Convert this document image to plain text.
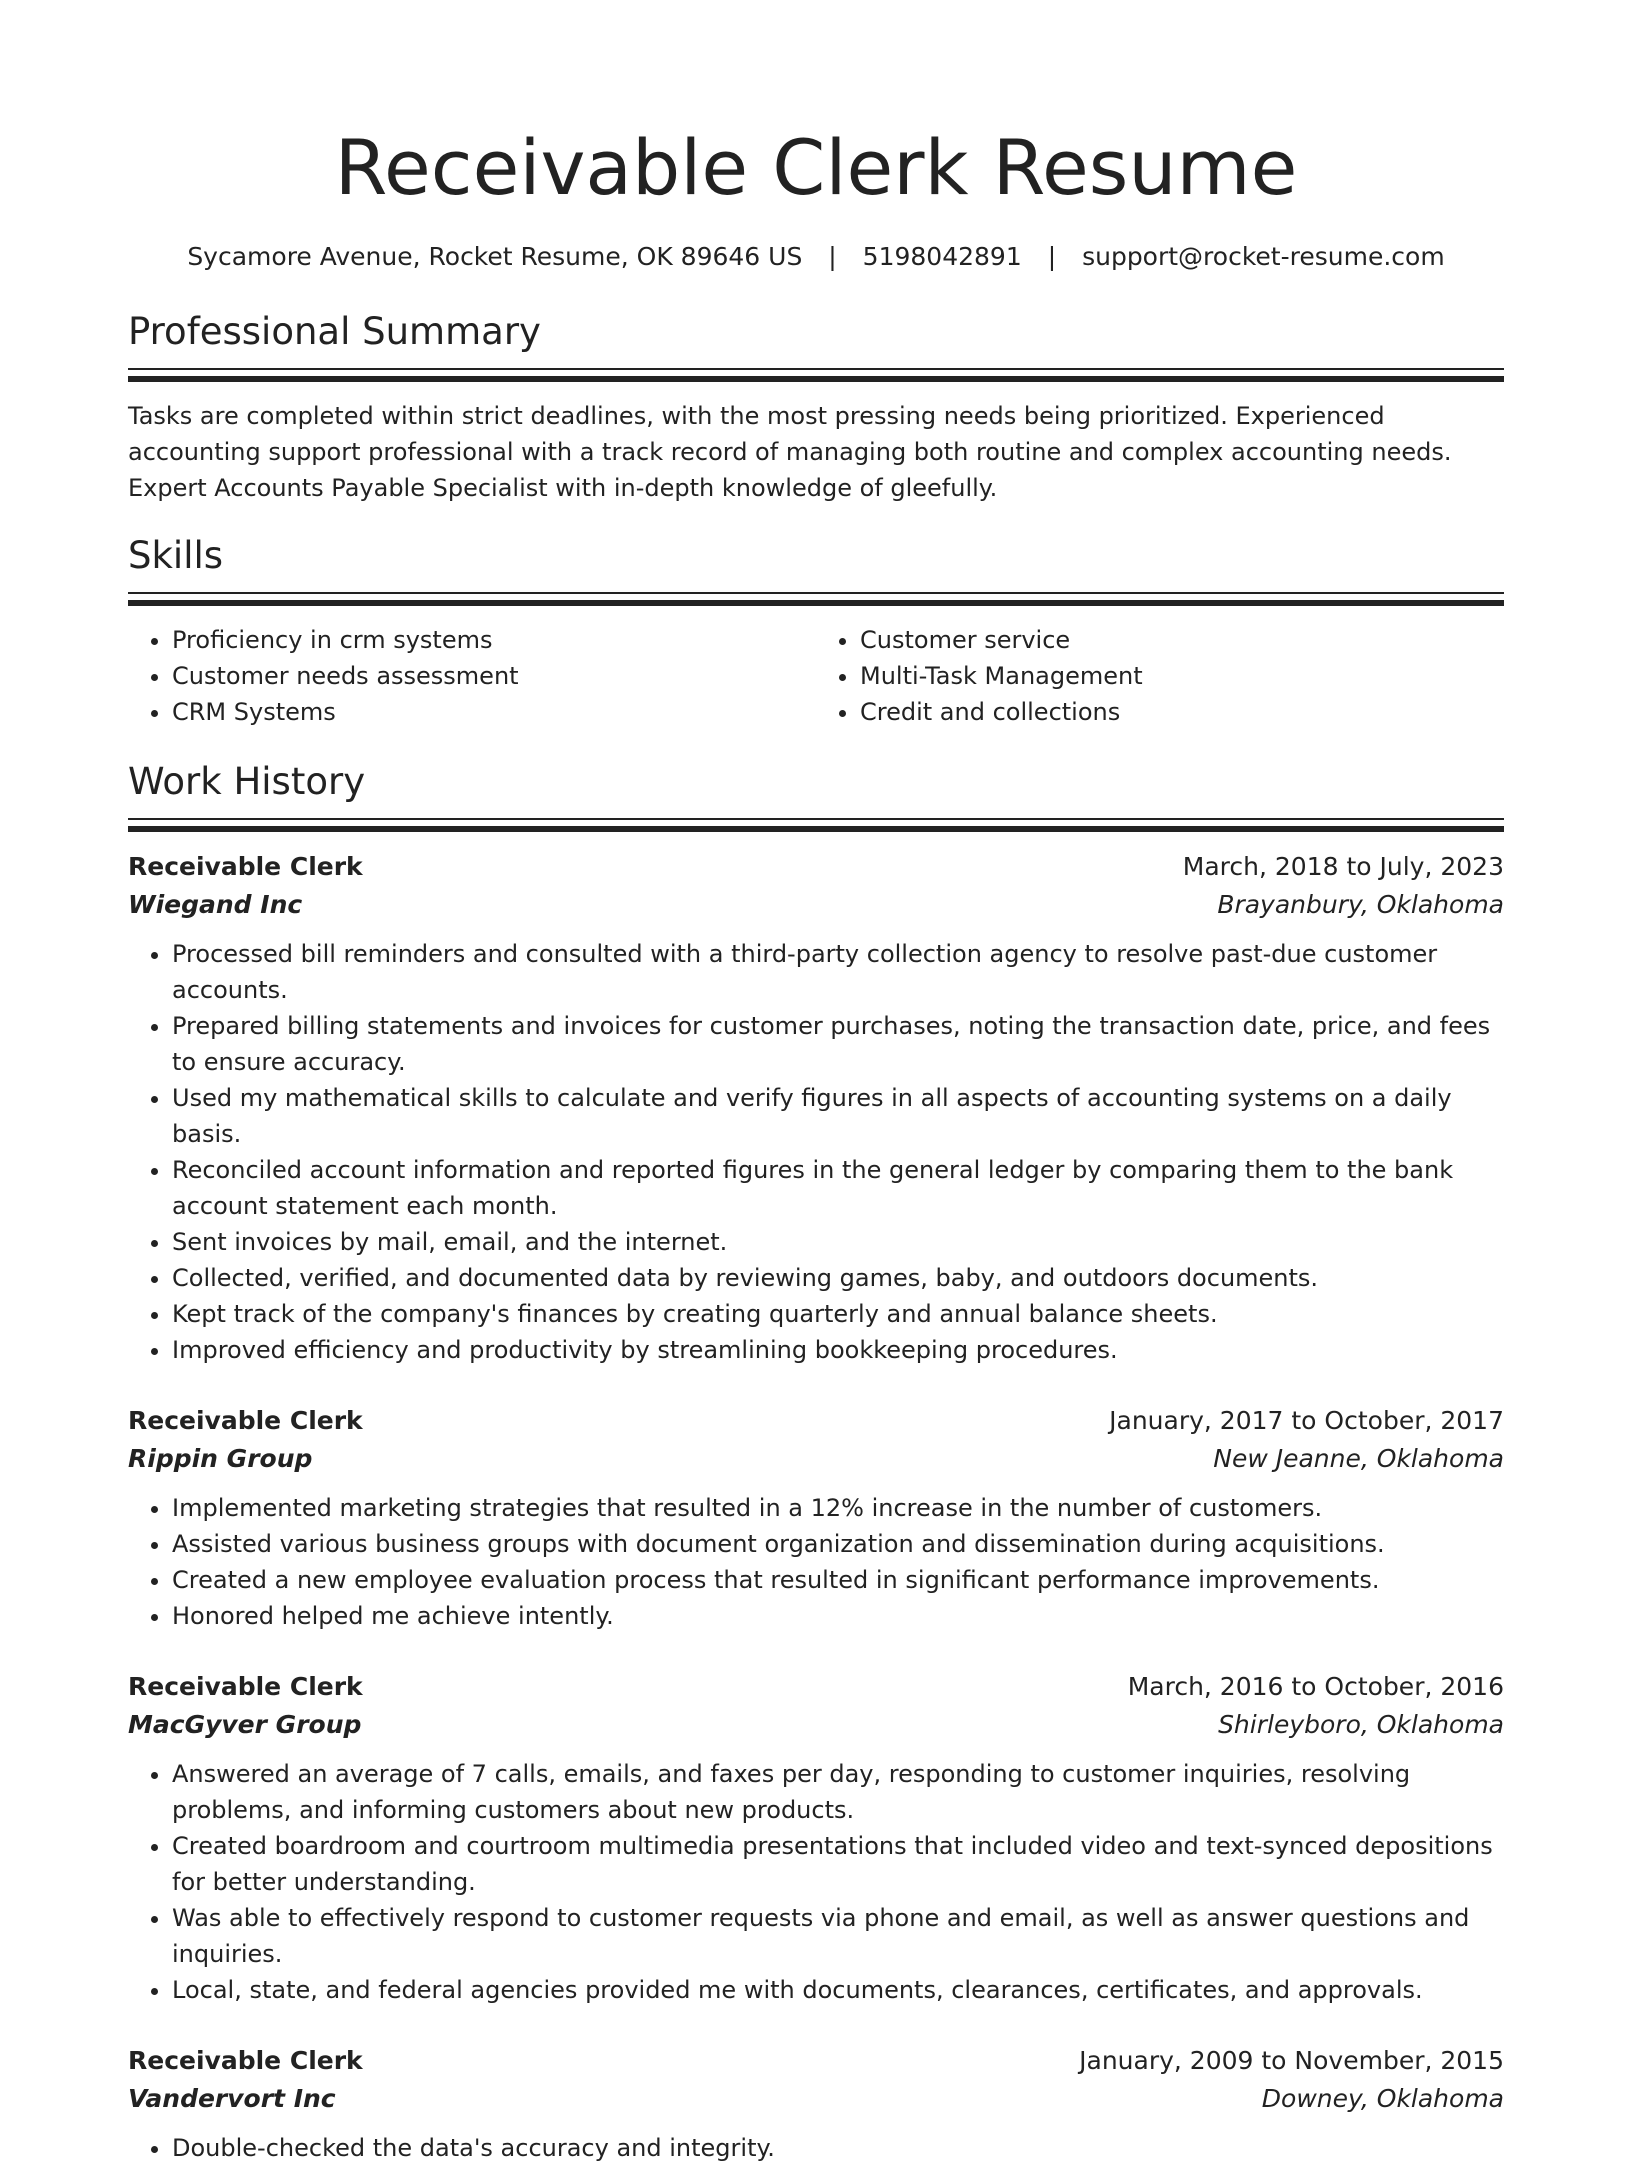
Receivable Clerk Resume
Sycamore Avenue, Rocket Resume, OK 89646 US | 5198042891 | support@rocket-resume.com
Professional Summary

Tasks are completed within strict deadlines, with the most pressing needs being prioritized. Experienced accounting support professional with a track record of managing both routine and complex accounting needs. Expert Accounts Payable Specialist with in-depth knowledge of gleefully.

Skills
• Proficiency in crm systems
• Customer needs assessment
• CRM Systems
• Customer service
• Multi-Task Management
• Credit and collections
Work History
Receivable Clerk	March, 2018 to July, 2023
Wiegand Inc	Brayanbury, Oklahoma
• Processed bill reminders and consulted with a third-party collection agency to resolve past-due customer accounts.
• Prepared billing statements and invoices for customer purchases, noting the transaction date, price, and fees to ensure accuracy.
• Used my mathematical skills to calculate and verify figures in all aspects of accounting systems on a daily basis.
• Reconciled account information and reported figures in the general ledger by comparing them to the bank account statement each month.
• Sent invoices by mail, email, and the internet.
• Collected, verified, and documented data by reviewing games, baby, and outdoors documents.
• Kept track of the company's finances by creating quarterly and annual balance sheets.
• Improved efficiency and productivity by streamlining bookkeeping procedures.
Receivable Clerk	January, 2017 to October, 2017
Rippin Group	New Jeanne, Oklahoma
• Implemented marketing strategies that resulted in a 12% increase in the number of customers.
• Assisted various business groups with document organization and dissemination during acquisitions.
• Created a new employee evaluation process that resulted in significant performance improvements.
• Honored helped me achieve intently.
Receivable Clerk	March, 2016 to October, 2016
MacGyver Group	Shirleyboro, Oklahoma
• Answered an average of 7 calls, emails, and faxes per day, responding to customer inquiries, resolving problems, and informing customers about new products.
• Created boardroom and courtroom multimedia presentations that included video and text-synced depositions for better understanding.
• Was able to effectively respond to customer requests via phone and email, as well as answer questions and inquiries.
• Local, state, and federal agencies provided me with documents, clearances, certificates, and approvals.
Receivable Clerk	January, 2009 to November, 2015
Vandervort Inc	Downey, Oklahoma
• Double-checked the data's accuracy and integrity.
